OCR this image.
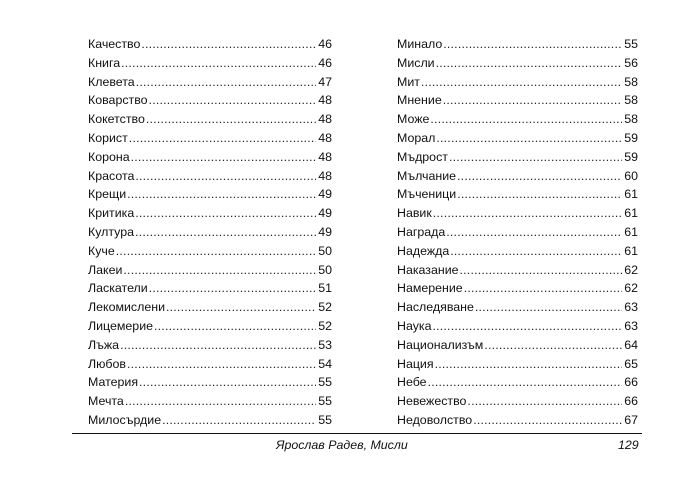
Качество .....	46
Книга .....	46
Клевета .....	47
Коварство .....	48
Кокетство .....	48
Корист .....	48
Корона .....	48
Красота .....	48
Крещи .....	49
Критика .....	49
Култура .....	49
Куче .....	50
Лакеи .....	50
Ласкатели .....	51
Лекомислени .....	52
Лицемерие .....	52
Лъжа .....	53
Любов .....	54
Материя .....	55
Мечта .....	55
Милосърдие .....	55
Минало .....	55
Мисли .....	56
Мит .....	58
Мнение .....	58
Може .....	58
Морал .....	59
Мъдрост .....	59
Мълчание .....	60
Мъченици .....	61
Навик .....	61
Награда .....	61
Надежда .....	61
Наказание .....	62
Намерение .....	62
Наследяване .....	63
Наука .....	63
Национализъм .....	64
Нация .....	65
Небе .....	66
Невежество .....	66
Недоволство .....	67
Ярослав Радев, Мисли	129
